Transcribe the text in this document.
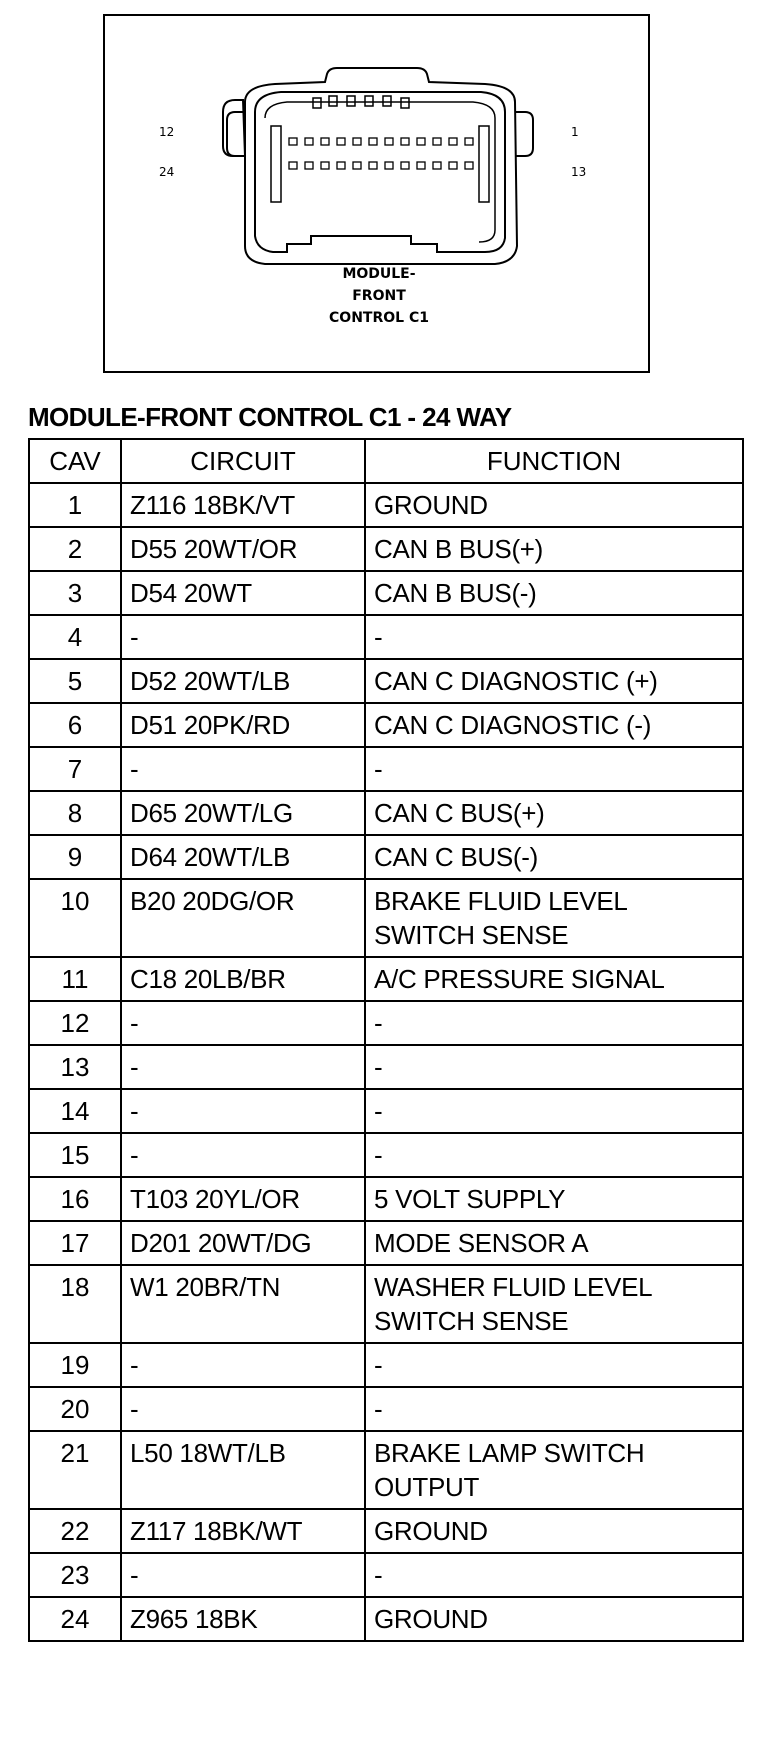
12
24
1
13
MODULE-
FRONT
CONTROL C1
MODULE-FRONT CONTROL C1 - 24 WAY
CAV	CIRCUIT	FUNCTION
1	Z116 18BK/VT	GROUND
2	D55 20WT/OR	CAN B BUS(+)
3	D54 20WT	CAN B BUS(-)
4	-	-
5	D52 20WT/LB	CAN C DIAGNOSTIC (+)
6	D51 20PK/RD	CAN C DIAGNOSTIC (-)
7	-	-
8	D65 20WT/LG	CAN C BUS(+)
9	D64 20WT/LB	CAN C BUS(-)
10	B20 20DG/OR	BRAKE FLUID LEVEL
SWITCH SENSE
11	C18 20LB/BR	A/C PRESSURE SIGNAL
12	-	-
13	-	-
14	-	-
15	-	-
16	T103 20YL/OR	5 VOLT SUPPLY
17	D201 20WT/DG	MODE SENSOR A
18	W1 20BR/TN	WASHER FLUID LEVEL
SWITCH SENSE
19	-	-
20	-	-
21	L50 18WT/LB	BRAKE LAMP SWITCH
OUTPUT
22	Z117 18BK/WT	GROUND
23	-	-
24	Z965 18BK	GROUND
